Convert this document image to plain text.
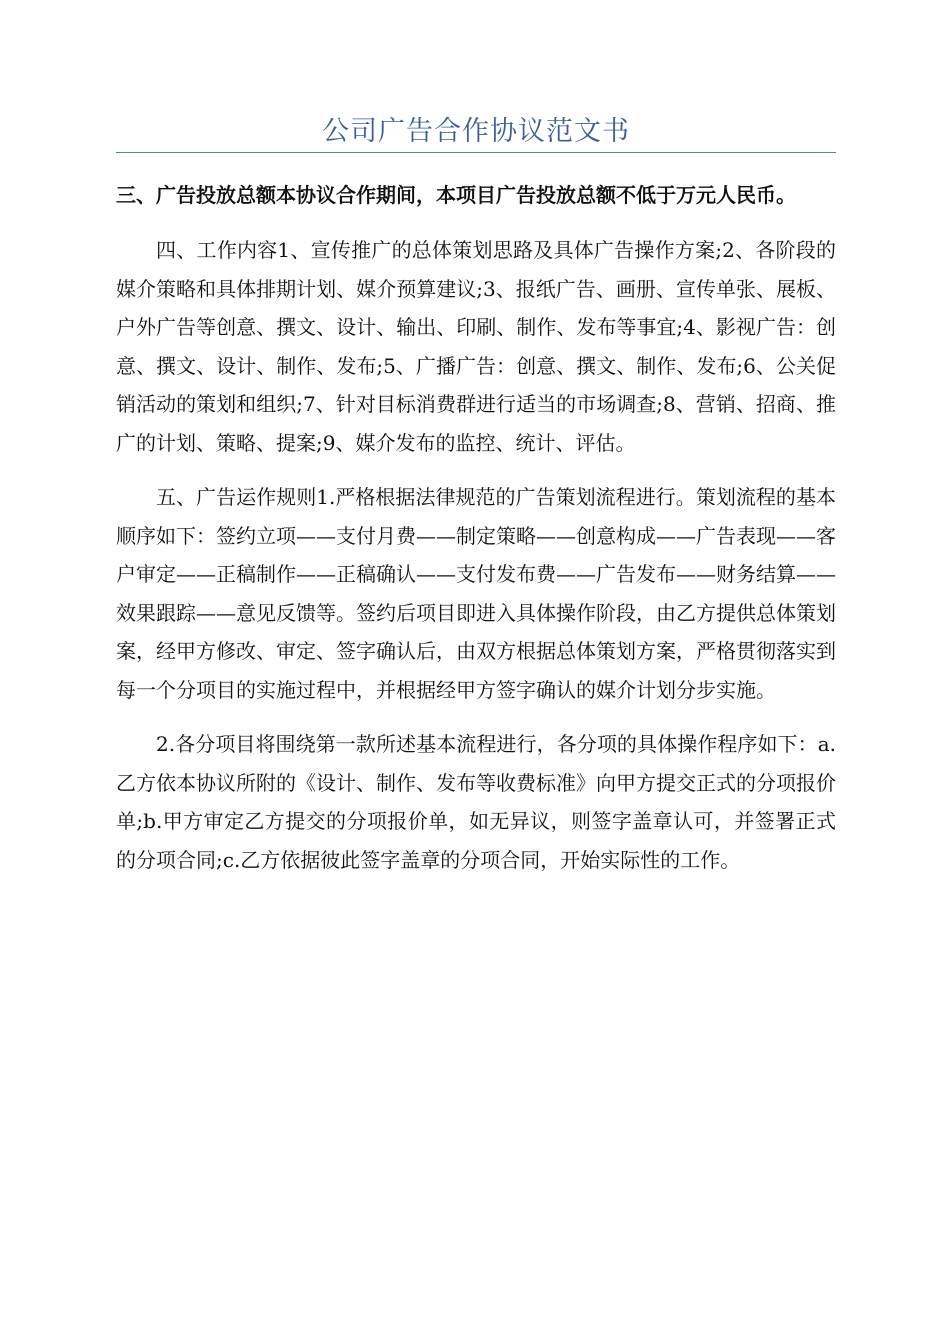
公司广告合作协议范文书

三、广告投放总额本协议合作期间，本项目广告投放总额不低于万元人民币。

四、工作内容1、宣传推广的总体策划思路及具体广告操作方案;2、各阶段的媒介策略和具体排期计划、媒介预算建议;3、报纸广告、画册、宣传单张、展板、户外广告等创意、撰文、设计、输出、印刷、制作、发布等事宜;4、影视广告：创意、撰文、设计、制作、发布;5、广播广告：创意、撰文、制作、发布;6、公关促销活动的策划和组织;7、针对目标消费群进行适当的市场调查;8、营销、招商、推广的计划、策略、提案;9、媒介发布的监控、统计、评估。

五、广告运作规则1.严格根据法律规范的广告策划流程进行。策划流程的基本顺序如下：签约立项——支付月费——制定策略——创意构成——广告表现——客户审定——正稿制作——正稿确认——支付发布费——广告发布——财务结算——效果跟踪——意见反馈等。签约后项目即进入具体操作阶段，由乙方提供总体策划案，经甲方修改、审定、签字确认后，由双方根据总体策划方案，严格贯彻落实到每一个分项目的实施过程中，并根据经甲方签字确认的媒介计划分步实施。

2.各分项目将围绕第一款所述基本流程进行，各分项的具体操作程序如下：a.乙方依本协议所附的《设计、制作、发布等收费标准》向甲方提交正式的分项报价单;b.甲方审定乙方提交的分项报价单，如无异议，则签字盖章认可，并签署正式的分项合同;c.乙方依据彼此签字盖章的分项合同，开始实际性的工作。
